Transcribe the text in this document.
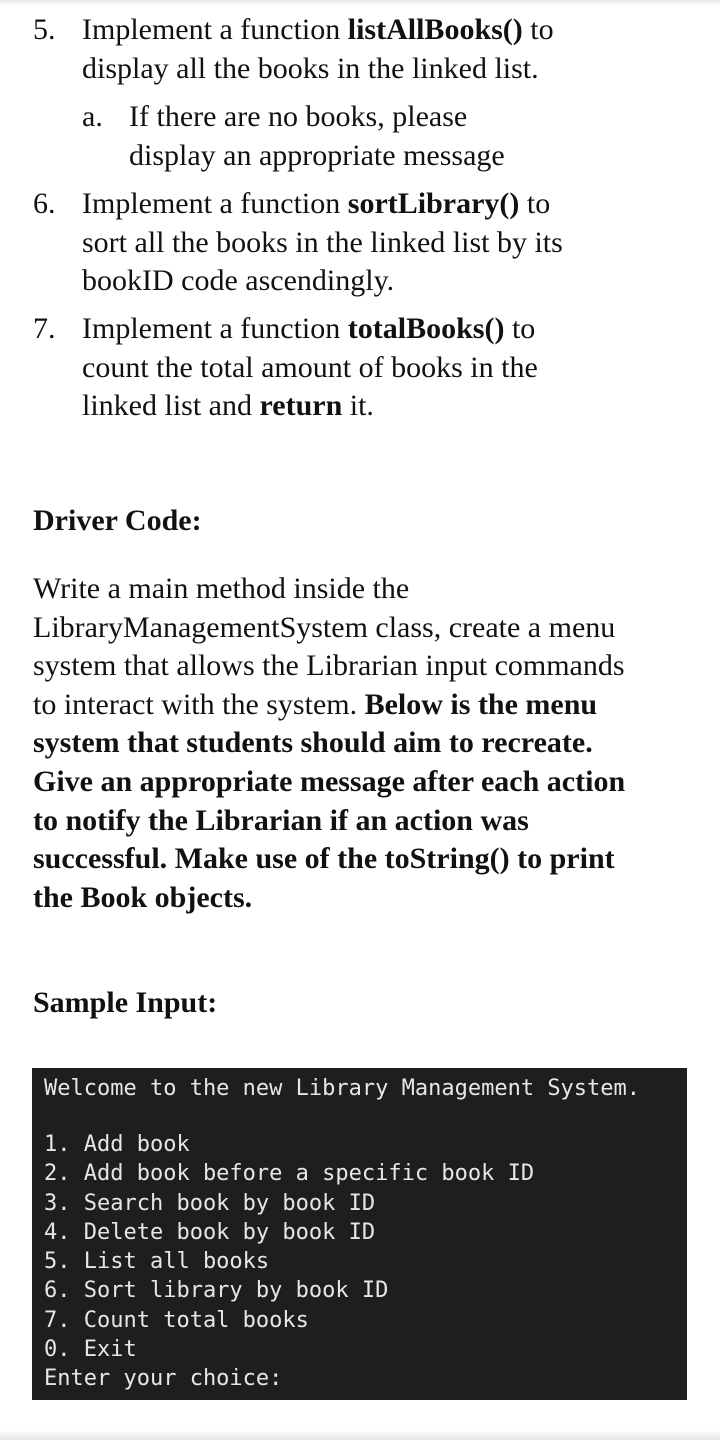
5. Implement a function listAllBooks() to
display all the books in the linked list.
a. If there are no books, please
display an appropriate message
6. Implement a function sortLibrary() to
sort all the books in the linked list by its
bookID code ascendingly.
7. Implement a function totalBooks() to
count the total amount of books in the
linked list and return it.
Driver Code:
Write a main method inside the
LibraryManagementSystem class, create a menu
system that allows the Librarian input commands
to interact with the system. Below is the menu
system that students should aim to recreate.
Give an appropriate message after each action
to notify the Librarian if an action was
successful. Make use of the toString() to print
the Book objects.
Sample Input:
Welcome to the new Library Management System.
1. Add book
2. Add book before a specific book ID
3. Search book by book ID
4. Delete book by book ID
5. List all books
6. Sort library by book ID
7. Count total books
0. Exit
Enter your choice:
